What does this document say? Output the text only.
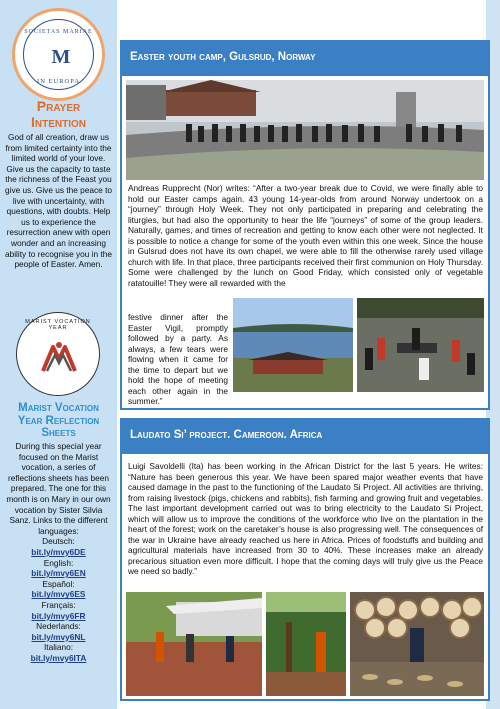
SOCIETAS MARIAE
M
IN EUROPA
Prayer
Intention
God of all creation, draw us from limited certainty into the limited world of your love. Give us the capacity to taste the richness of the Feast you give us. Give us the peace to live with uncertainty, with questions, with doubts. Help us to experience the resurrection anew with open wonder and an increasing ability to recognise you in the people of Easter. Amen.
MARIST VOCATION YEAR
Marist Vocation
Year Reflection
Sheets
During this special year focused on the Marist vocation, a series of reflections sheets has been prepared. The one for this month is on Mary in our own vocation by Sister Silvia Sanz. Links to the different languages:
Deutsch:
bit.ly/mvy6DE
English:
bit.ly/mvy6EN
Español:
bit.ly/mvy6ES
Français:
bit.ly/mvy6FR
Nederlands:
bit.ly/mvy6NL
Italiano:
bit.ly/mvy6ITA
Easter youth camp, Gulsrud, Norway
Andreas Rupprecht (Nor) writes: “After a two-year break due to Covid, we were finally able to hold our Easter camps again. 43 young 14-year-olds from around Norway undertook on a “journey” through Holy Week. They not only participated in preparing and celebrating the liturgies, but had also the opportunity to hear the life “journeys” of some of the group leaders. Naturally, games, and times of recreation and getting to know each other were not neglected. It is possible to notice a change for some of the youth even within this one week. Since the house in Gulsrud does not have its own chapel, we were able to fill the otherwise rarely used village church with life. In that place, three participants received their first communion on Holy Thursday. Some were challenged by the lunch on Good Friday, which consisted only of vegetable ratatouille! They were all rewarded with the
festive dinner after the Easter Vigil, promptly followed by a party. As always, a few tears were flowing when it came for the time to depart but we hold the hope of meeting each other again in the summer.”
Laudato Si’ project. Cameroon. Africa
Luigi Savoldelli (Ita) has been working in the African District for the last 5 years. He writes: “Nature has been generous this year. We have been spared major weather events that have caused damage in the past to the functioning of the Laudato Si Project. All activities are thriving, from raising livestock (pigs, chickens and rabbits), fish farming and growing fruit and vegetables. The last important development carried out was to bring electricity to the Laudato Si Project, which will allow us to improve the conditions of the workforce who live on the plantation in the heart of the forest; work on the caretaker’s house is also progressing well. The consequences of the war in Ukraine have already reached us here in Africa. Prices of foodstuffs and building and agricultural materials have increased from 30 to 40%. These increases make an already precarious situation even more difficult. I hope that the coming days will truly give us the Peace we need so badly.”
